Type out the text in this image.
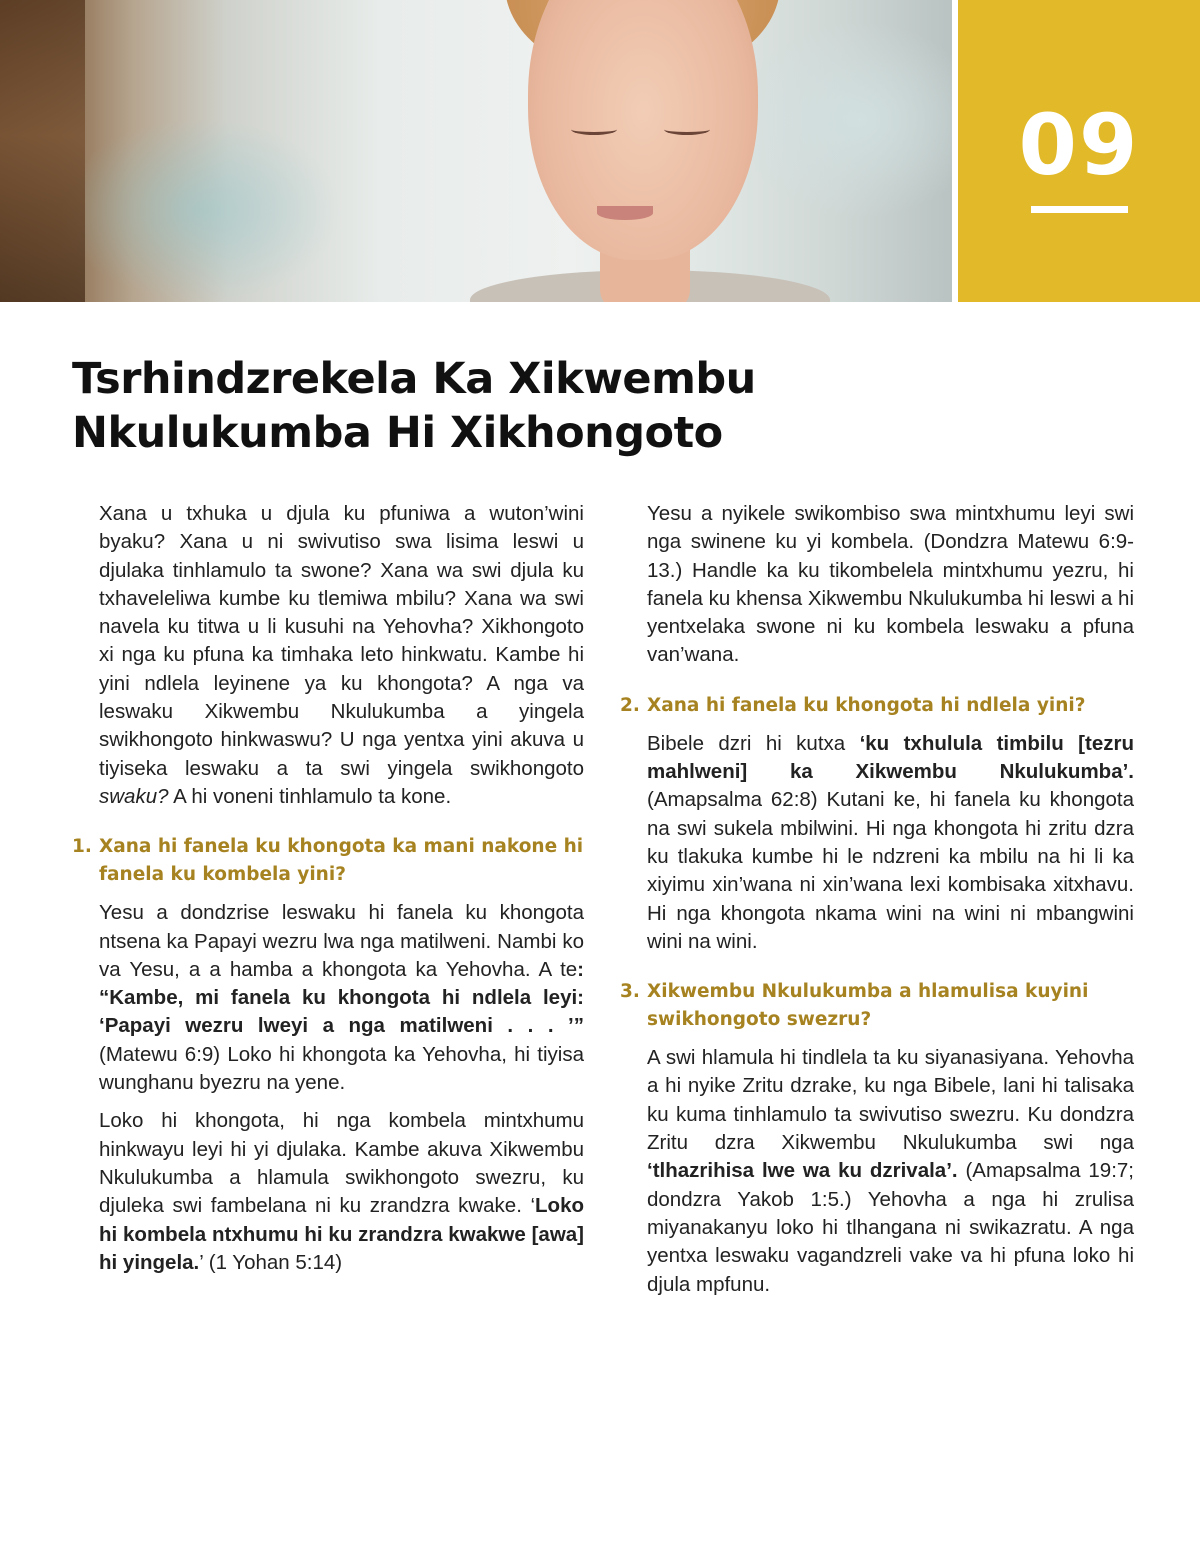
09
Tsrhindzrekela Ka Xikwembu
Nkulukumba Hi Xikhongoto

Xana u txhuka u djula ku pfuniwa a wuton’wini byaku? Xana u ni swivutiso swa lisima leswi u djulaka tinhlamulo ta swone? Xana wa swi djula ku txhaveleliwa kumbe ku tlemiwa mbilu? Xana wa swi navela ku titwa u li kusuhi na Yehovha? Xikhongoto xi nga ku pfuna ka timhaka leto hinkwatu. Kambe hi yini ndlela leyinene ya ku khongota? A nga va leswaku Xikwembu Nkulukumba a yingela swikhongoto hinkwaswu? U nga yentxa yini akuva u tiyiseka leswaku a ta swi yingela swikhongoto swaku? A hi voneni tinhlamulo ta kone.

1. Xana hi fanela ku khongota ka mani nakone hi fanela ku kombela yini?

Yesu a dondzrise leswaku hi fanela ku khongota ntsena ka Papayi wezru lwa nga matilweni. Nambi ko va Yesu, a a hamba a khongota ka Yehovha. A te: “Kambe, mi fanela ku khongota hi ndlela leyi: ‘Papayi wezru lweyi a nga matilweni . . . ’” (Matewu 6:9) Loko hi khongota ka Yehovha, hi tiyisa wunghanu byezru na yene.

Loko hi khongota, hi nga kombela mintxhumu hinkwayu leyi hi yi djulaka. Kambe akuva Xikwembu Nkulukumba a hlamula swikhongoto swezru, ku djuleka swi fambelana ni ku zrandzra kwake. ‘Loko hi kombela ntxhumu hi ku zrandzra kwakwe [awa] hi yingela.’ (1 Yohan 5:14)

Yesu a nyikele swikombiso swa mintxhumu leyi swi nga swinene ku yi kombela. (Dondzra Matewu 6:9-13.) Handle ka ku tikombelela mintxhumu yezru, hi fanela ku khensa Xikwembu Nkulukumba hi leswi a hi yentxelaka swone ni ku kombela leswaku a pfuna van’wana.

2. Xana hi fanela ku khongota hi ndlela yini?

Bibele dzri hi kutxa ‘ku txhulula timbilu [tezru mahlweni] ka Xikwembu Nkulukumba’. (Amapsalma 62:8) Kutani ke, hi fanela ku khongota na swi sukela mbilwini. Hi nga khongota hi zritu dzra ku tlakuka kumbe hi le ndzreni ka mbilu na hi li ka xiyimu xin’wana ni xin’wana lexi kombisaka xitxhavu. Hi nga khongota nkama wini na wini ni mbangwini wini na wini.

3. Xikwembu Nkulukumba a hlamulisa kuyini swikhongoto swezru?

A swi hlamula hi tindlela ta ku siyanasiyana. Yehovha a hi nyike Zritu dzrake, ku nga Bibele, lani hi talisaka ku kuma tinhlamulo ta swivutiso swezru. Ku dondzra Zritu dzra Xikwembu Nkulukumba swi nga ‘tlhazrihisa lwe wa ku dzrivala’. (Amapsalma 19:7; dondzra Yakob 1:5.) Yehovha a nga hi zrulisa miyanakanyu loko hi tlhangana ni swikazratu. A nga yentxa leswaku vagandzreli vake va hi pfuna loko hi djula mpfunu.
